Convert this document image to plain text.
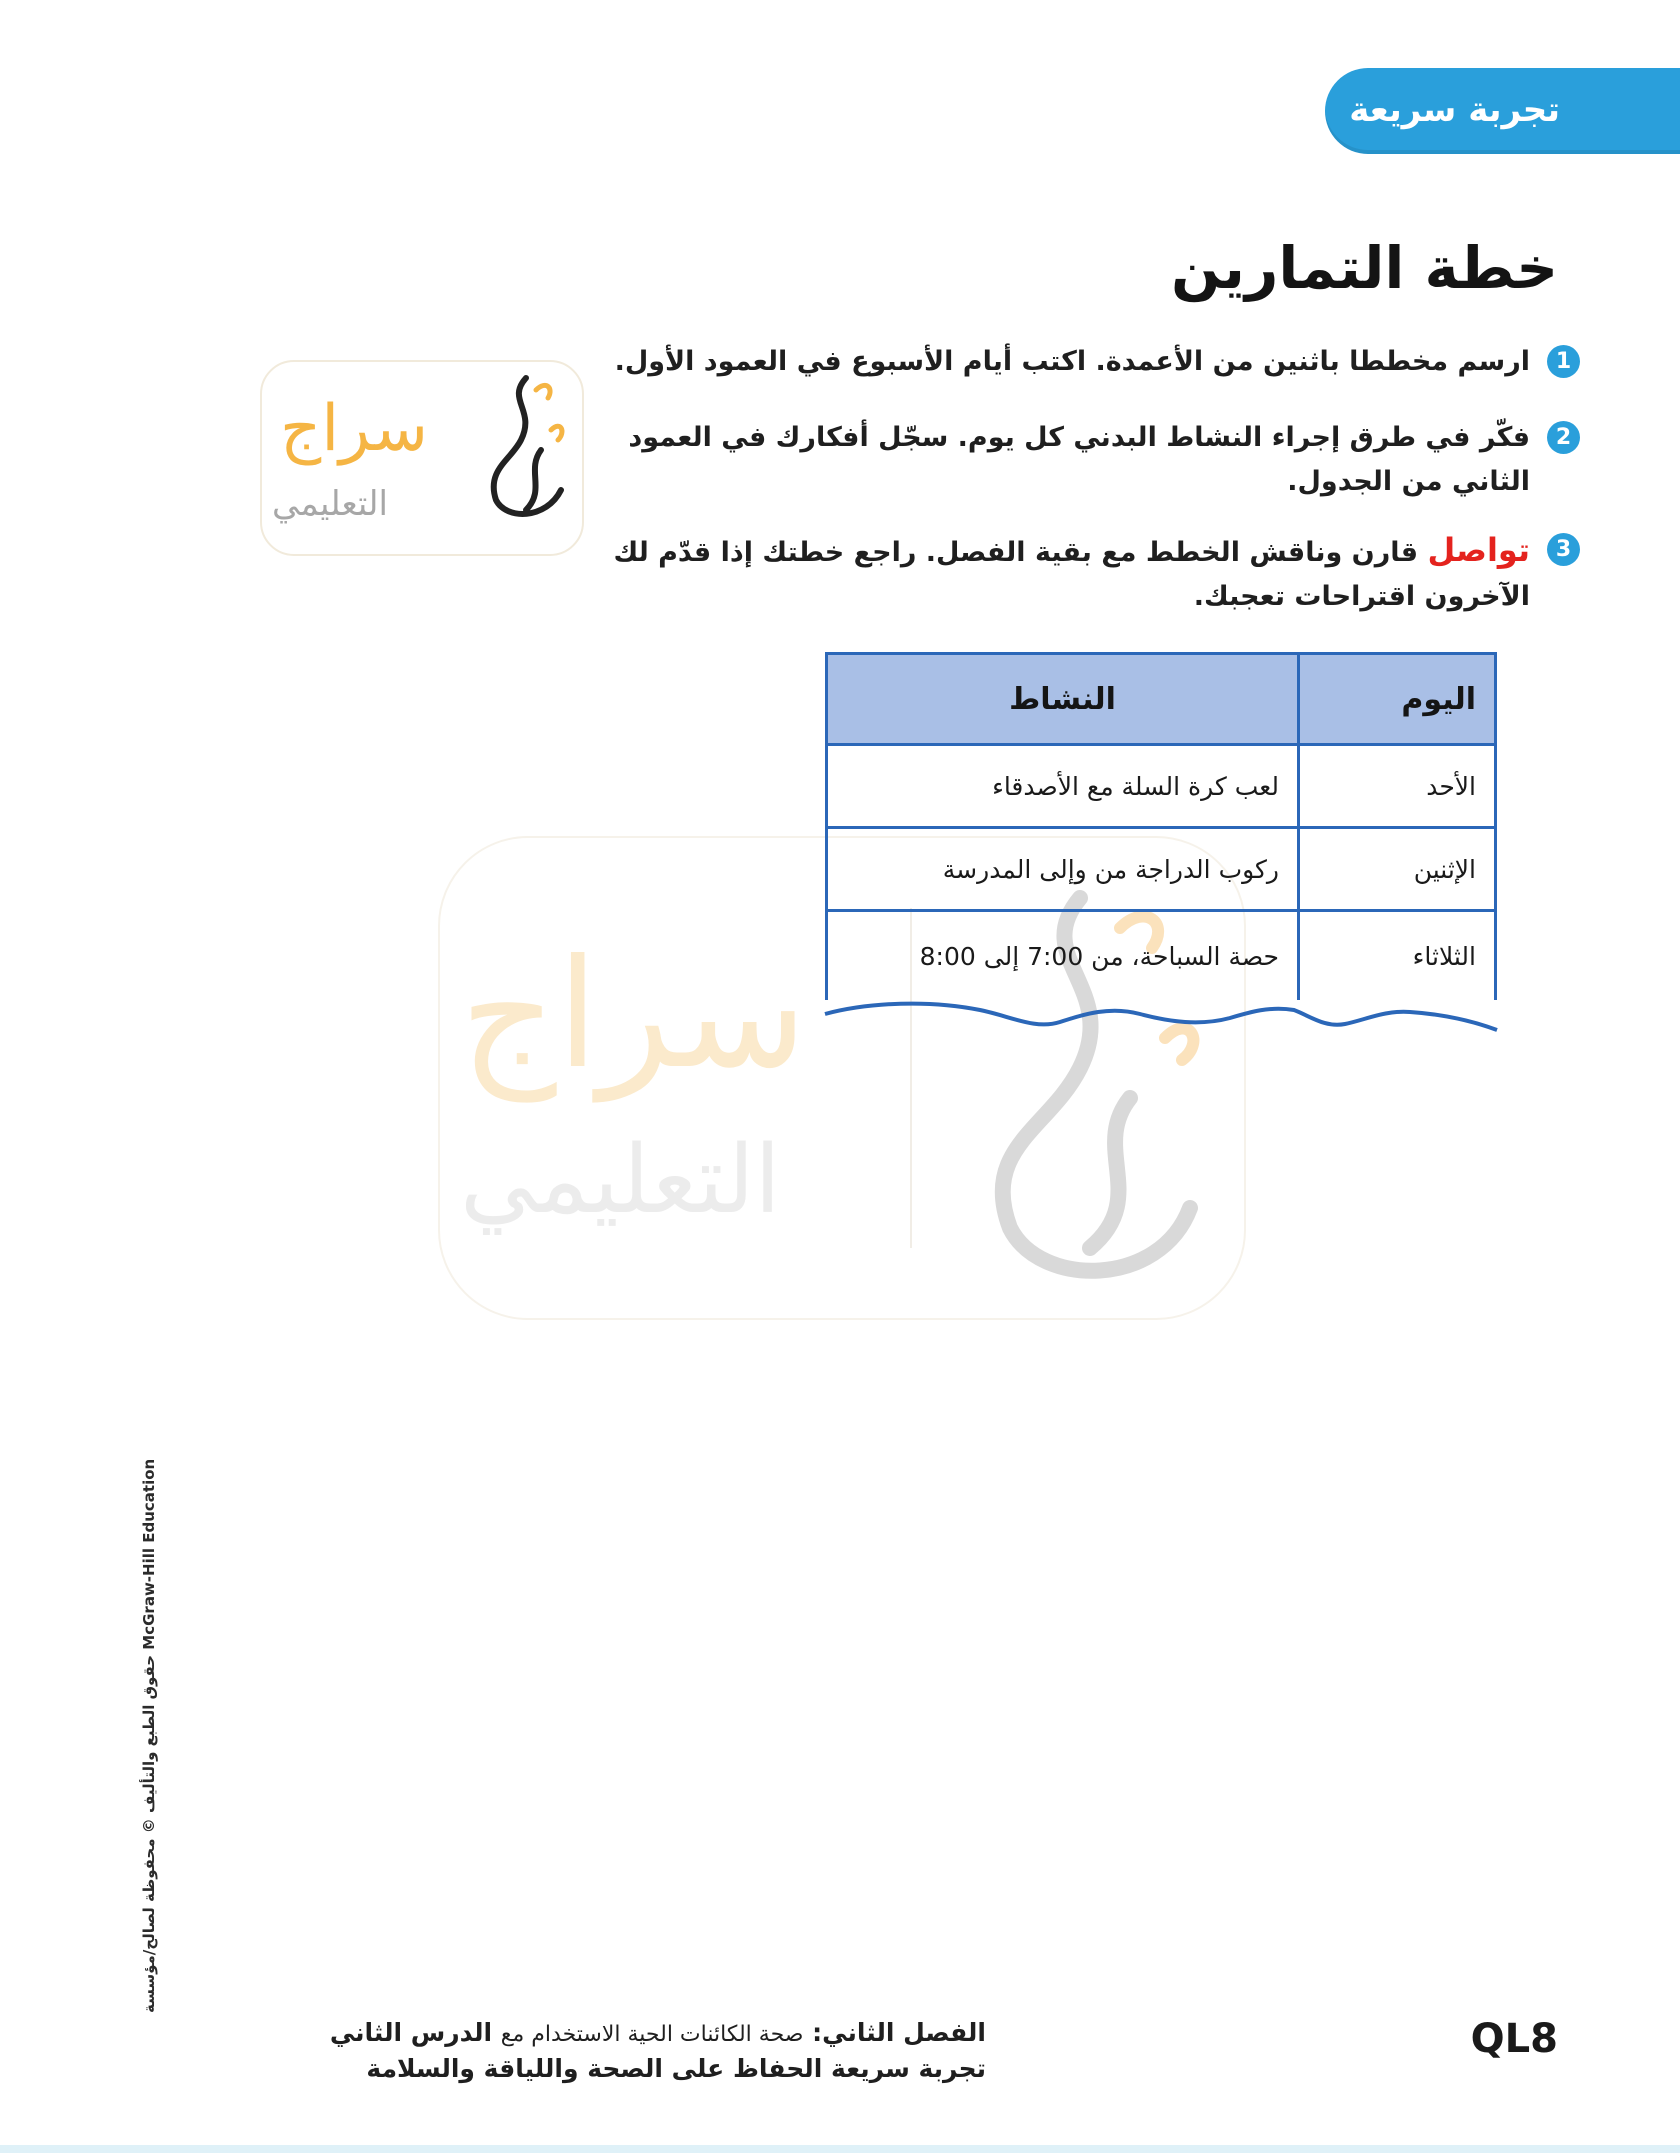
تجربة سريعة
خطة التمارين
1
ارسم مخططا باثنين من الأعمدة. اكتب أيام الأسبوع في العمود الأول.
2
فكّر في طرق إجراء النشاط البدني كل يوم. سجّل أفكارك في العمود
الثاني من الجدول.
3
تواصل قارن وناقش الخطط مع بقية الفصل. راجع خطتك إذا قدّم لك
الآخرون اقتراحات تعجبك.
سراج
التعليمي
سراج
التعليمي
اليوم	النشاط
الأحد	لعب كرة السلة مع الأصدقاء
الإثنين	ركوب الدراجة من وإلى المدرسة
الثلاثاء	حصة السباحة، من 7:00 إلى 8:00
حقوق الطبع والتأليف © محفوظة لصالح/مؤسسة McGraw-Hill Education
الفصل الثاني: صحة الكائنات الحية الاستخدام مع الدرس الثاني
تجربة سريعة الحفاظ على الصحة واللياقة والسلامة
QL8
